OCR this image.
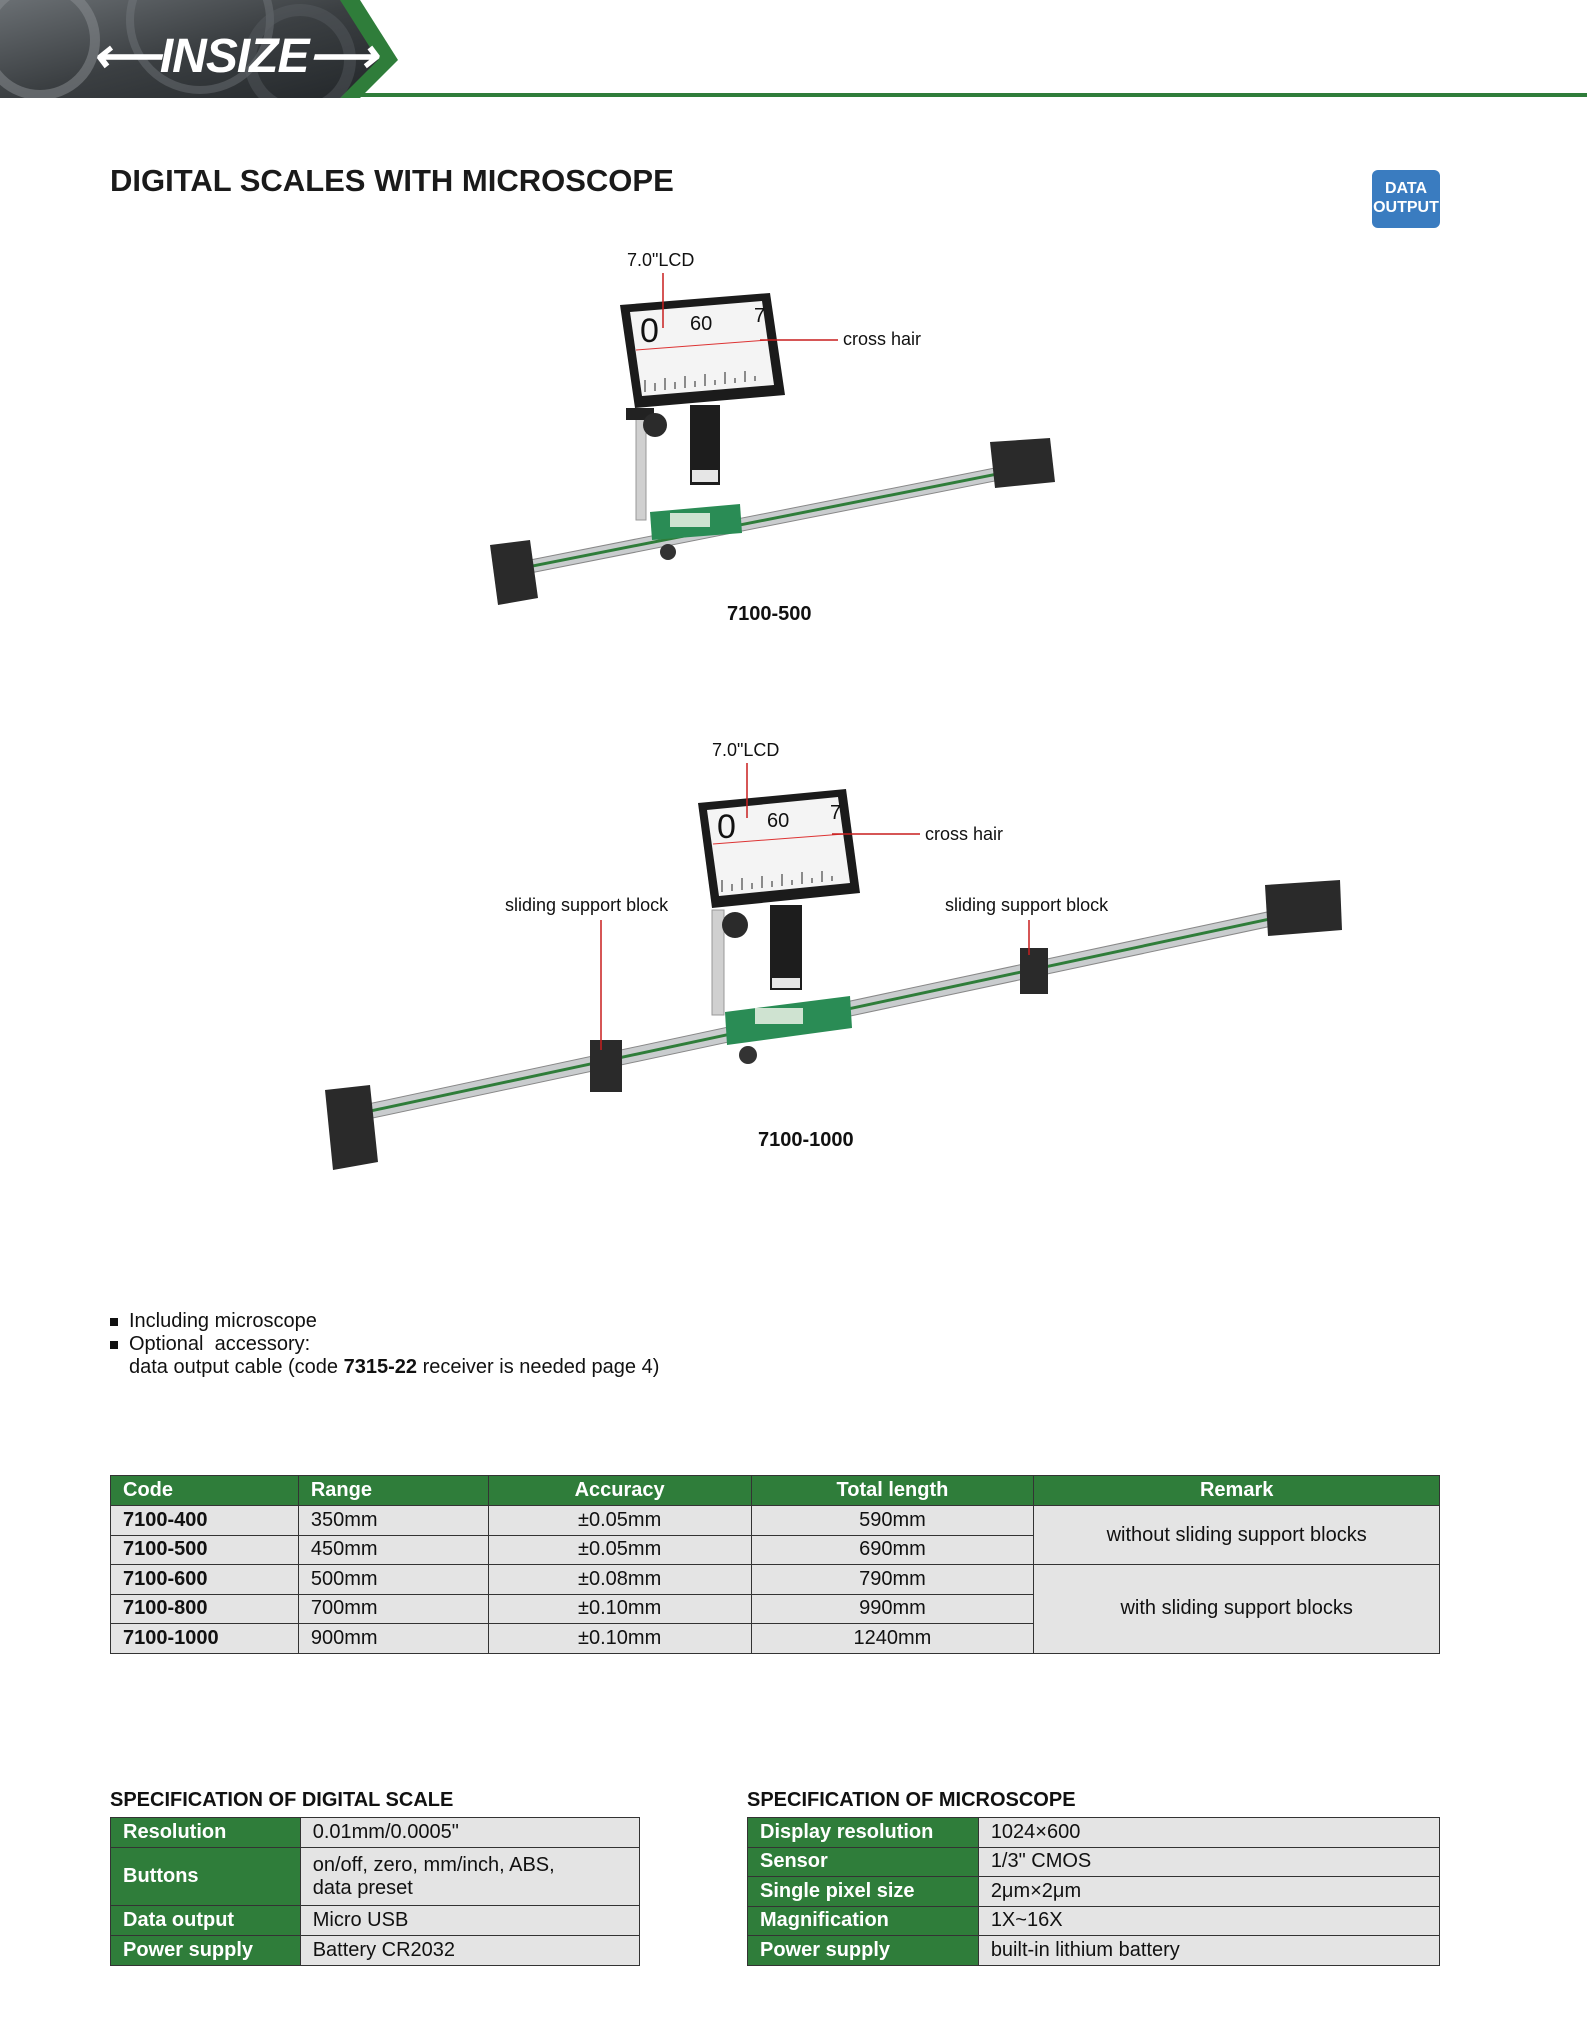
⟵INSIZE⟶
DIGITAL SCALES WITH MICROSCOPE	DATA
OUTPUT
7.0"LCD
cross hair
0 60 7
7100-500
7.0"LCD
cross hair
sliding support block	sliding support block
0 60 7
7100-1000
Including microscope
Optional  accessory:
data output cable (code 7315-22 receiver is needed page 4)
Code	Range	Accuracy	Total length	Remark
7100-400	350mm	±0.05mm	590mm	without sliding support blocks
7100-500	450mm	±0.05mm	690mm	
7100-600	500mm	±0.08mm	790mm	with sliding support blocks
7100-800	700mm	±0.10mm	990mm	
7100-1000	900mm	±0.10mm	1240mm	
SPECIFICATION OF DIGITAL SCALE
Resolution	0.01mm/0.0005"
Buttons	on/off, zero, mm/inch, ABS,
data preset

Data output	Micro USB
Power supply	Battery CR2032
SPECIFICATION OF MICROSCOPE
Display resolution	1024×600
Sensor	1/3" CMOS
Single pixel size	2μm×2μm
Magnification	1X~16X
Power supply	built-in lithium battery
